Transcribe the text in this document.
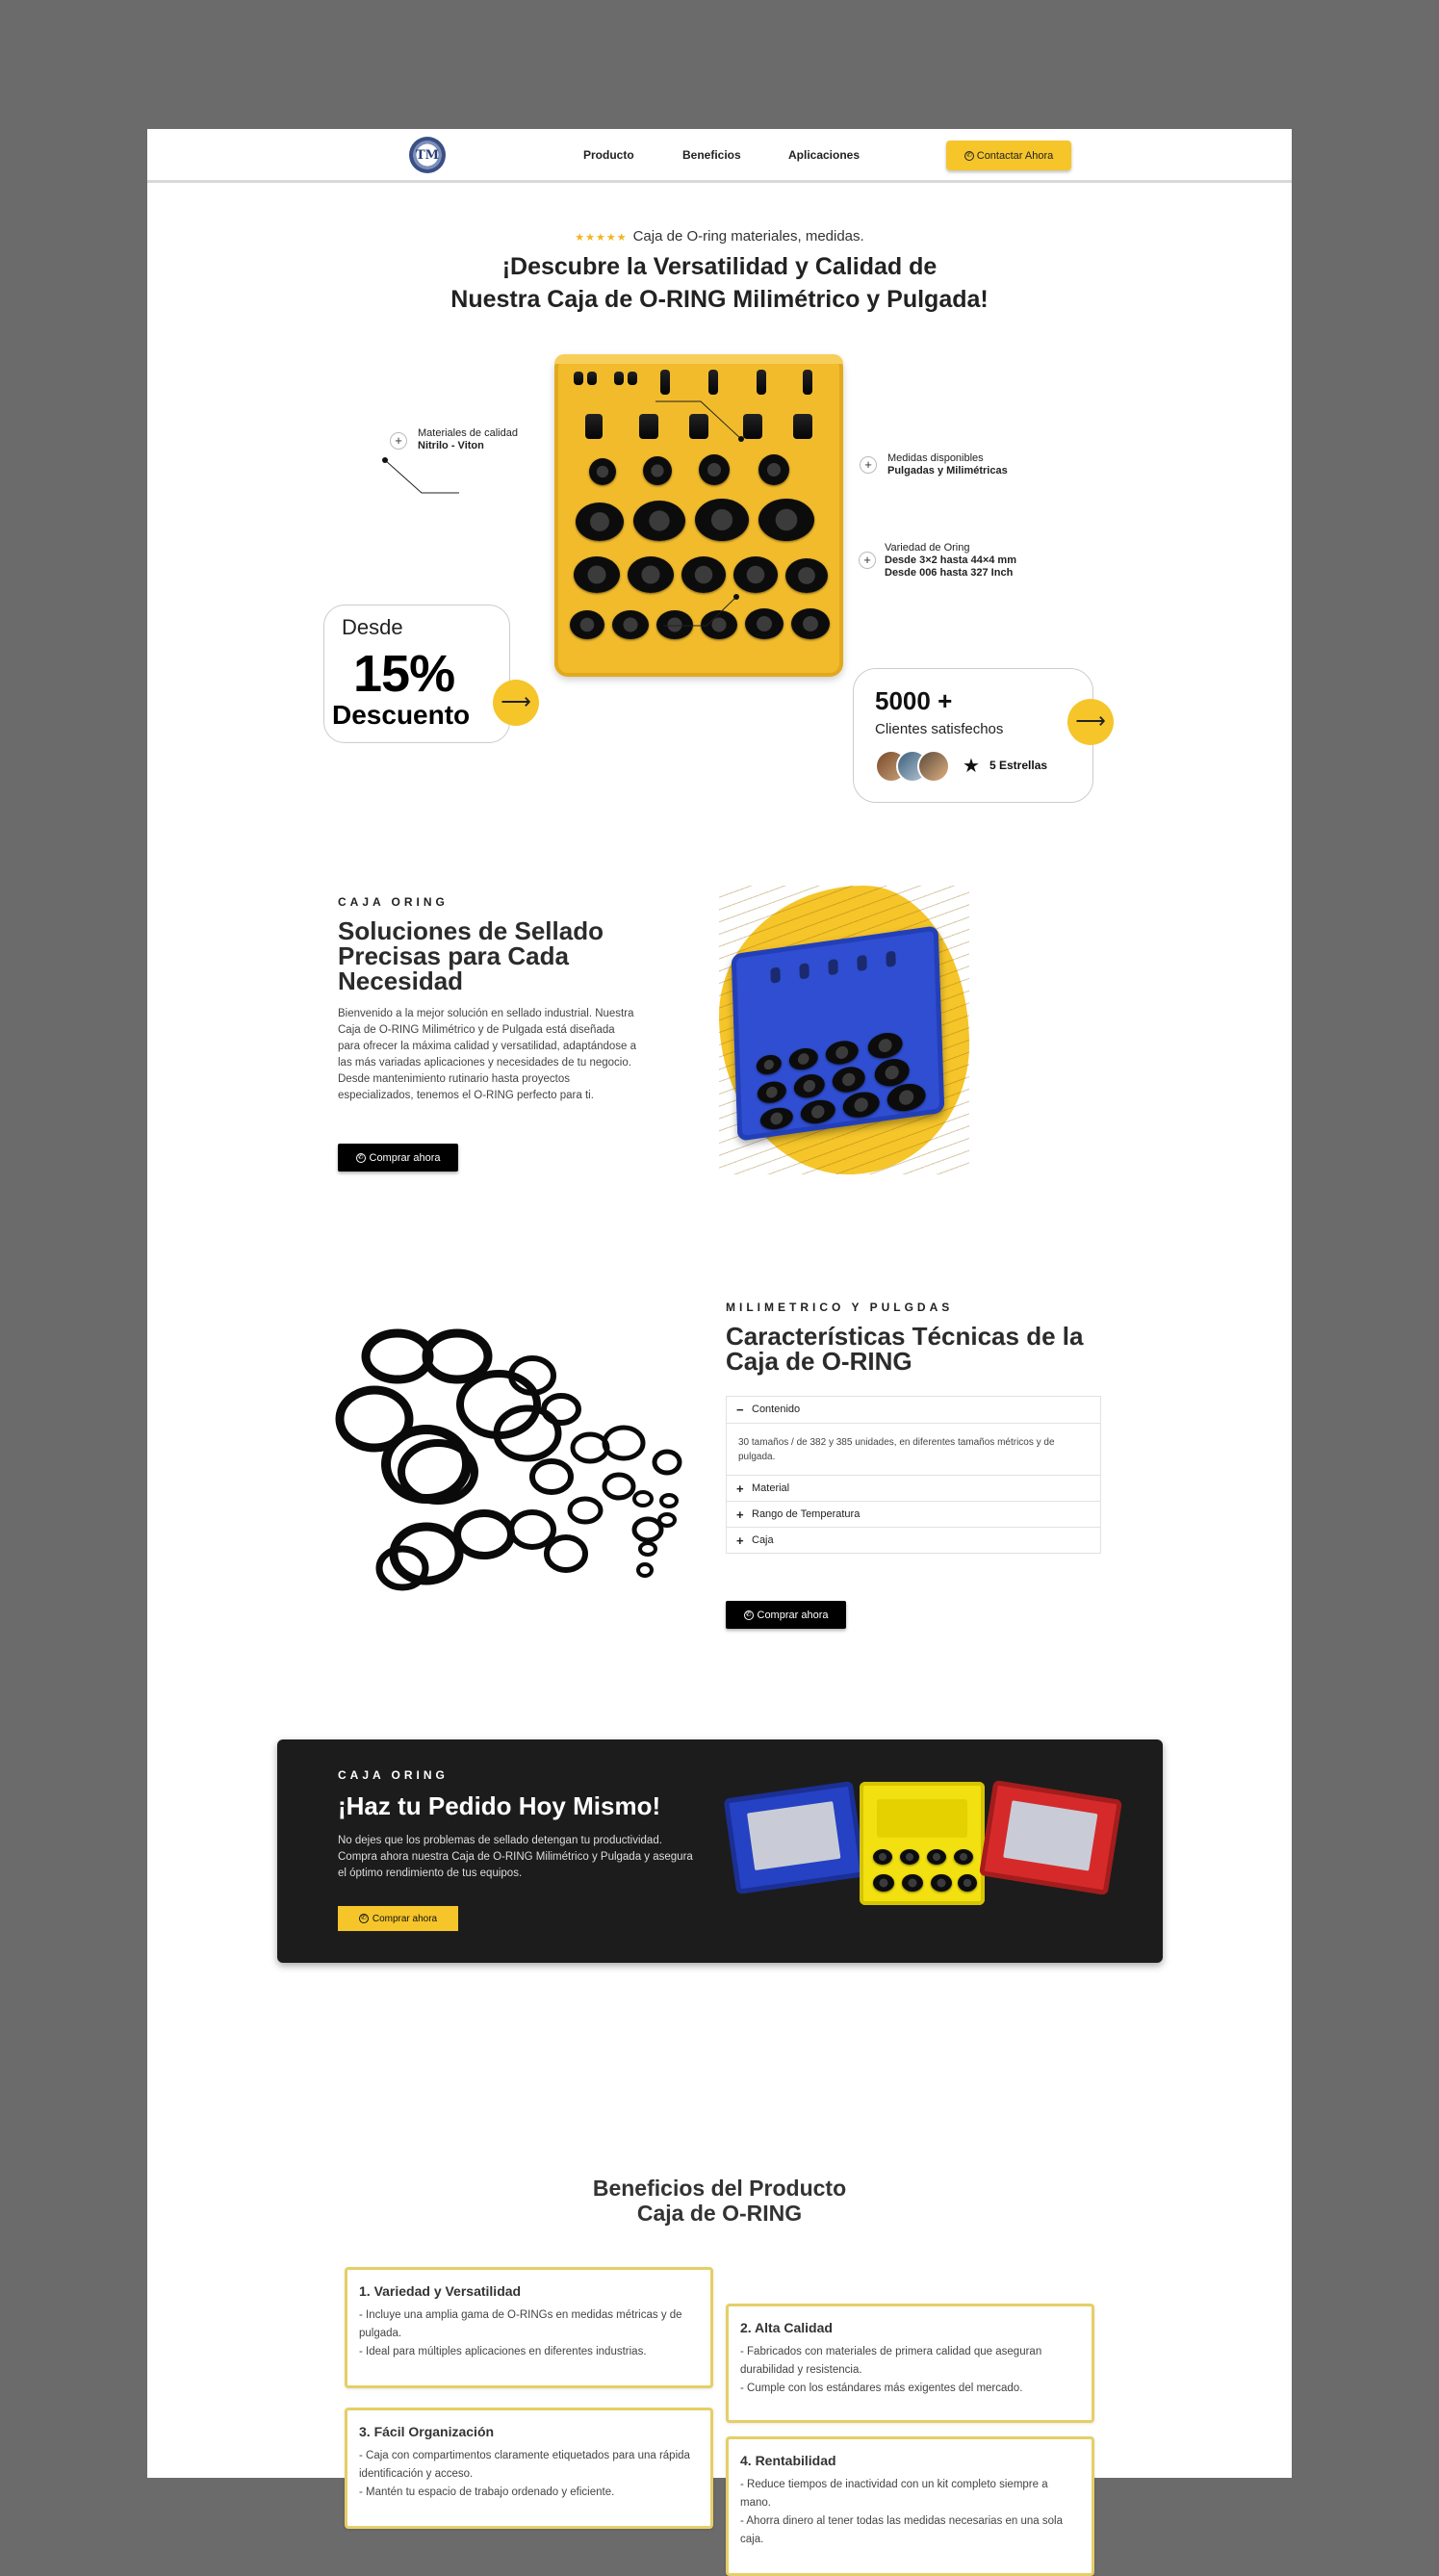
TM	Producto	Beneficios	Aplicaciones	✆ Contactar Ahora
★★★★★ Caja de O-ring materiales, medidas.
¡Descubre la Versatilidad y Calidad de
Nuestra Caja de O-RING Milimétrico y Pulgada!
+	Materiales de calidad
Nitrilo - Viton
+	Medidas disponibles
Pulgadas y Milimétricas
+
Variedad de Oring
Desde 3×2 hasta 44×4 mm
Desde 006 hasta 327 Inch
Desde
15%
Descuento	⟶	5000 +
Clientes satisfechos
★ 5 Estrellas
⟶
CAJA ORING
Soluciones de Sellado Precisas para Cada Necesidad
Bienvenido a la mejor solución en sellado industrial. Nuestra Caja de O-RING Milimétrico y de Pulgada está diseñada para ofrecer la máxima calidad y versatilidad, adaptándose a las más variadas aplicaciones y necesidades de tu negocio. Desde mantenimiento rutinario hasta proyectos especializados, tenemos el O-RING perfecto para ti.
✆ Comprar ahora
MILIMETRICO Y PULGDAS
Características Técnicas de la Caja de O-RING
− Contenido
30 tamaños / de 382 y 385 unidades, en diferentes tamaños métricos y de pulgada.
+ Material
+ Rango de Temperatura
+ Caja
✆ Comprar ahora
CAJA ORING
¡Haz tu Pedido Hoy Mismo!
No dejes que los problemas de sellado detengan tu productividad. Compra ahora nuestra Caja de O-RING Milimétrico y Pulgada y asegura el óptimo rendimiento de tus equipos.
✆ Comprar ahora
Beneficios del Producto
Caja de O-RING
1. Variedad y Versatilidad

- Incluye una amplia gama de O-RINGs en medidas métricas y de pulgada.

- Ideal para múltiples aplicaciones en diferentes industrias.

2. Alta Calidad

- Fabricados con materiales de primera calidad que aseguran durabilidad y resistencia.

- Cumple con los estándares más exigentes del mercado.

3. Fácil Organización

- Caja con compartimentos claramente etiquetados para una rápida identificación y acceso.

- Mantén tu espacio de trabajo ordenado y eficiente.

4. Rentabilidad

- Reduce tiempos de inactividad con un kit completo siempre a mano.

- Ahorra dinero al tener todas las medidas necesarias en una sola caja.
